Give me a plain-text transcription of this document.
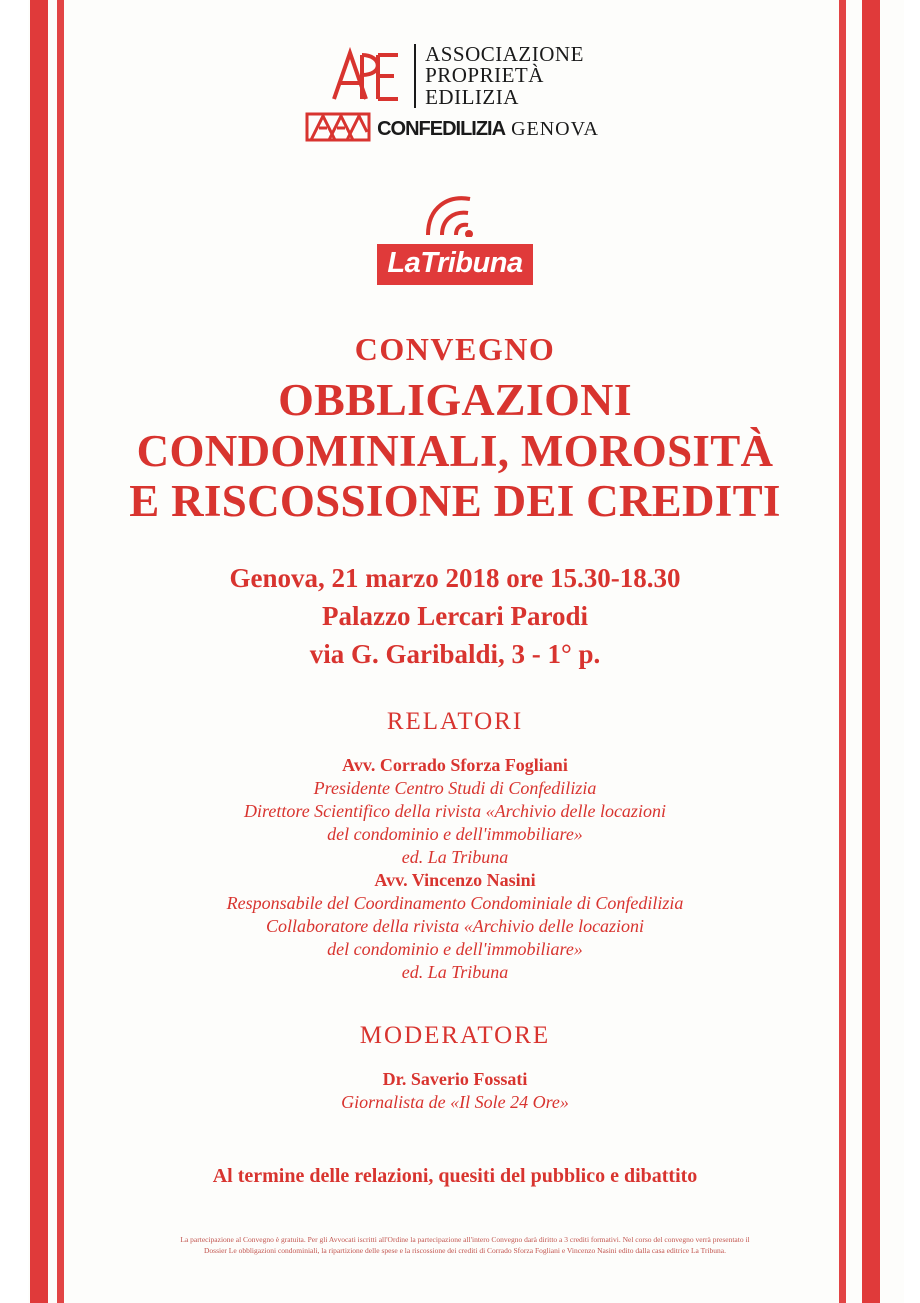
ASSOCIAZIONE
PROPRIETÀ
EDILIZIA
CONFEDILIZIA GENOVA
LaTribuna
CONVEGNO
OBBLIGAZIONI
CONDOMINIALI, MOROSITÀ
E RISCOSSIONE DEI CREDITI
Genova, 21 marzo 2018 ore 15.30-18.30
Palazzo Lercari Parodi
via G. Garibaldi, 3 - 1° p.
RELATORI
Avv. Corrado Sforza Fogliani
Presidente Centro Studi di Confedilizia
Direttore Scientifico della rivista «Archivio delle locazioni
del condominio e dell'immobiliare»
ed. La Tribuna
Avv. Vincenzo Nasini
Responsabile del Coordinamento Condominiale di Confedilizia
Collaboratore della rivista «Archivio delle locazioni
del condominio e dell'immobiliare»
ed. La Tribuna
MODERATORE
Dr. Saverio Fossati
Giornalista de «Il Sole 24 Ore»
Al termine delle relazioni, quesiti del pubblico e dibattito
La partecipazione al Convegno è gratuita. Per gli Avvocati iscritti all'Ordine la partecipazione all'intero Convegno darà diritto a 3 crediti formativi. Nel corso del convegno verrà presentato il
Dossier Le obbligazioni condominiali, la ripartizione delle spese e la riscossione dei crediti di Corrado Sforza Fogliani e Vincenzo Nasini edito dalla casa editrice La Tribuna.
